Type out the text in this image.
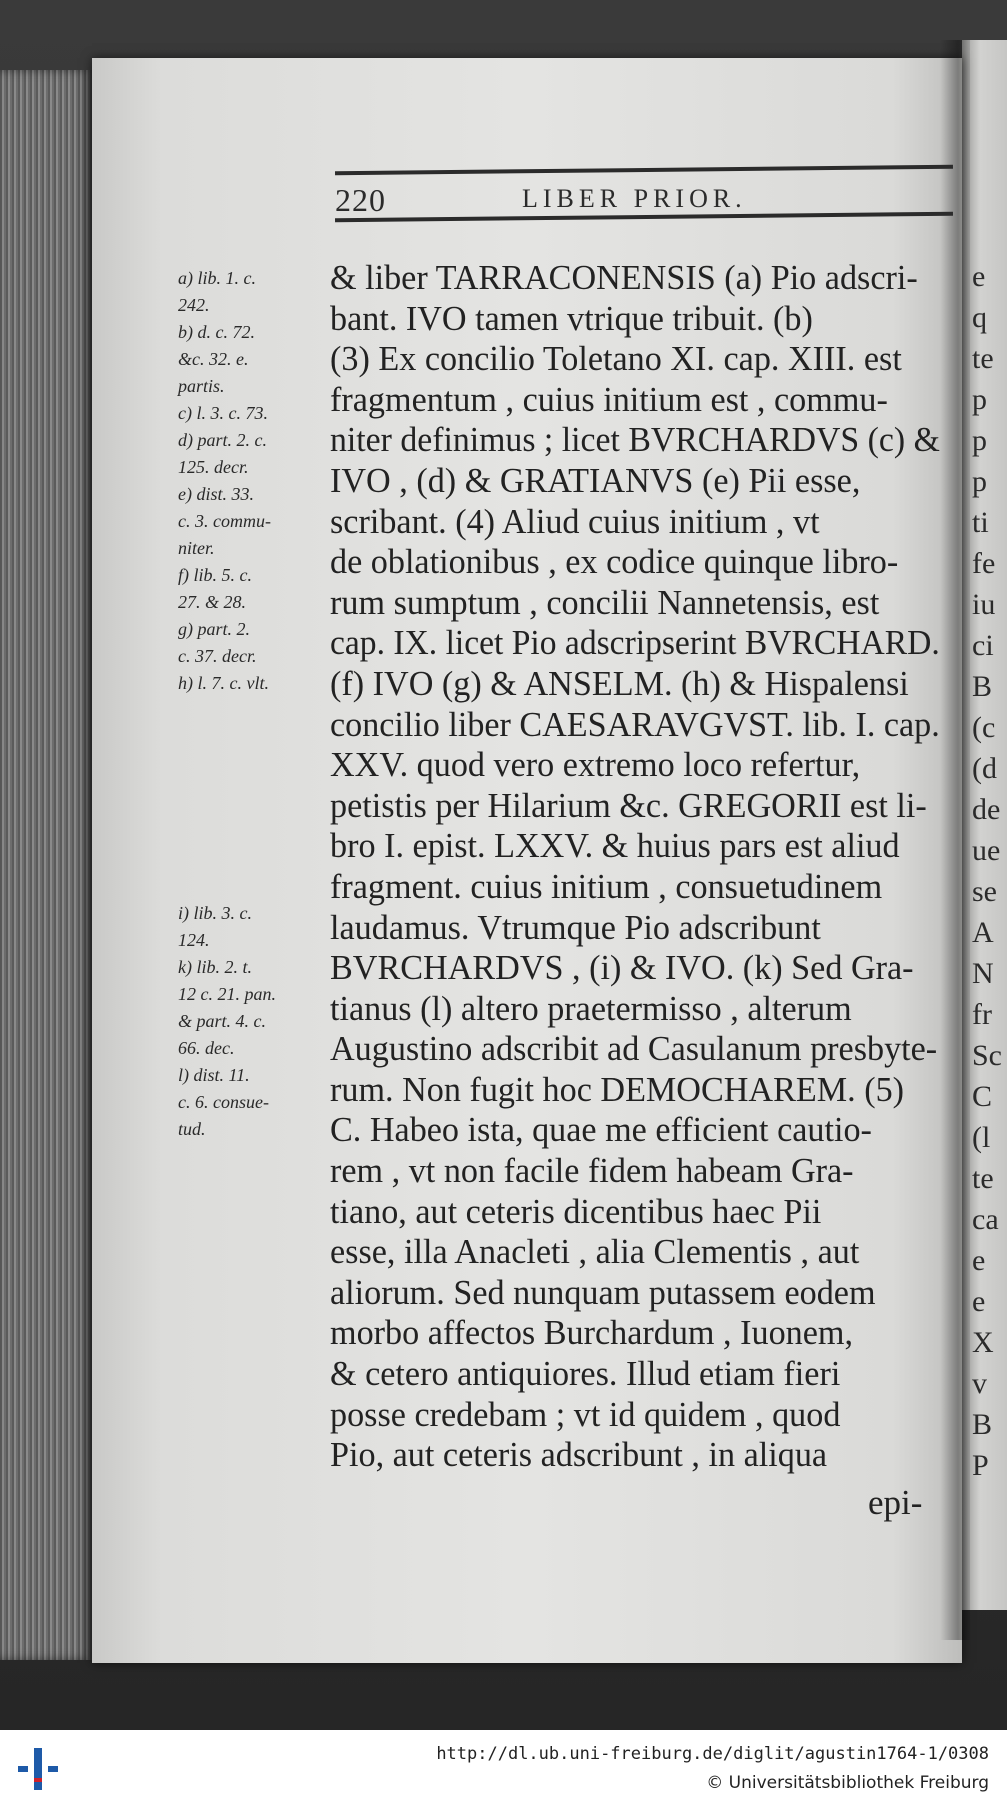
e
q
te
p
p
p
ti
fe
iu
ci
B
(c
(d
de
ue
se
A
N
fr
Sc
C
(l
te
ca
e
e
X
v
B
P
220	LIBER PRIOR.
a) lib. 1. c.
242.
b) d. c. 72.
&c. 32. e.
partis.
c) l. 3. c. 73.
d) part. 2. c.
125. decr.
e) dist. 33.
c. 3. commu-
niter.
f) lib. 5. c.
27. & 28.
g) part. 2.
c. 37. decr.
h) l. 7. c. vlt.
i) lib. 3. c.
124.
k) lib. 2. t.
12 c. 21. pan.
& part. 4. c.
66. dec.
l) dist. 11.
c. 6. consue-
tud.
& liber TARRACONENSIS (a) Pio adscri-
bant. IVO tamen vtrique tribuit. (b)
(3) Ex concilio Toletano XI. cap. XIII. est
fragmentum , cuius initium est , commu-
niter definimus ; licet BVRCHARDVS (c) &
IVO , (d) & GRATIANVS (e) Pii esse,
scribant. (4) Aliud cuius initium , vt
de oblationibus , ex codice quinque libro-
rum sumptum , concilii Nannetensis, est
cap. IX. licet Pio adscripserint BVRCHARD.
(f) IVO (g) & ANSELM. (h) & Hispalensi
concilio liber CAESARAVGVST. lib. I. cap.
XXV. quod vero extremo loco refertur,
petistis per Hilarium &c. GREGORII est li-
bro I. epist. LXXV. & huius pars est aliud
fragment. cuius initium , consuetudinem
laudamus. Vtrumque Pio adscribunt
BVRCHARDVS , (i) & IVO. (k) Sed Gra-
tianus (l) altero praetermisso , alterum
Augustino adscribit ad Casulanum presbyte-
rum. Non fugit hoc DEMOCHAREM. (5)
C. Habeo ista, quae me efficient cautio-
rem , vt non facile fidem habeam Gra-
tiano, aut ceteris dicentibus haec Pii
esse, illa Anacleti , alia Clementis , aut
aliorum. Sed nunquam putassem eodem
morbo affectos Burchardum , Iuonem,
& cetero antiquiores. Illud etiam fieri
posse credebam ; vt id quidem , quod
Pio, aut ceteris adscribunt , in aliqua
epi-
http://dl.ub.uni-freiburg.de/diglit/agustin1764-1/0308
© Universitätsbibliothek Freiburg
